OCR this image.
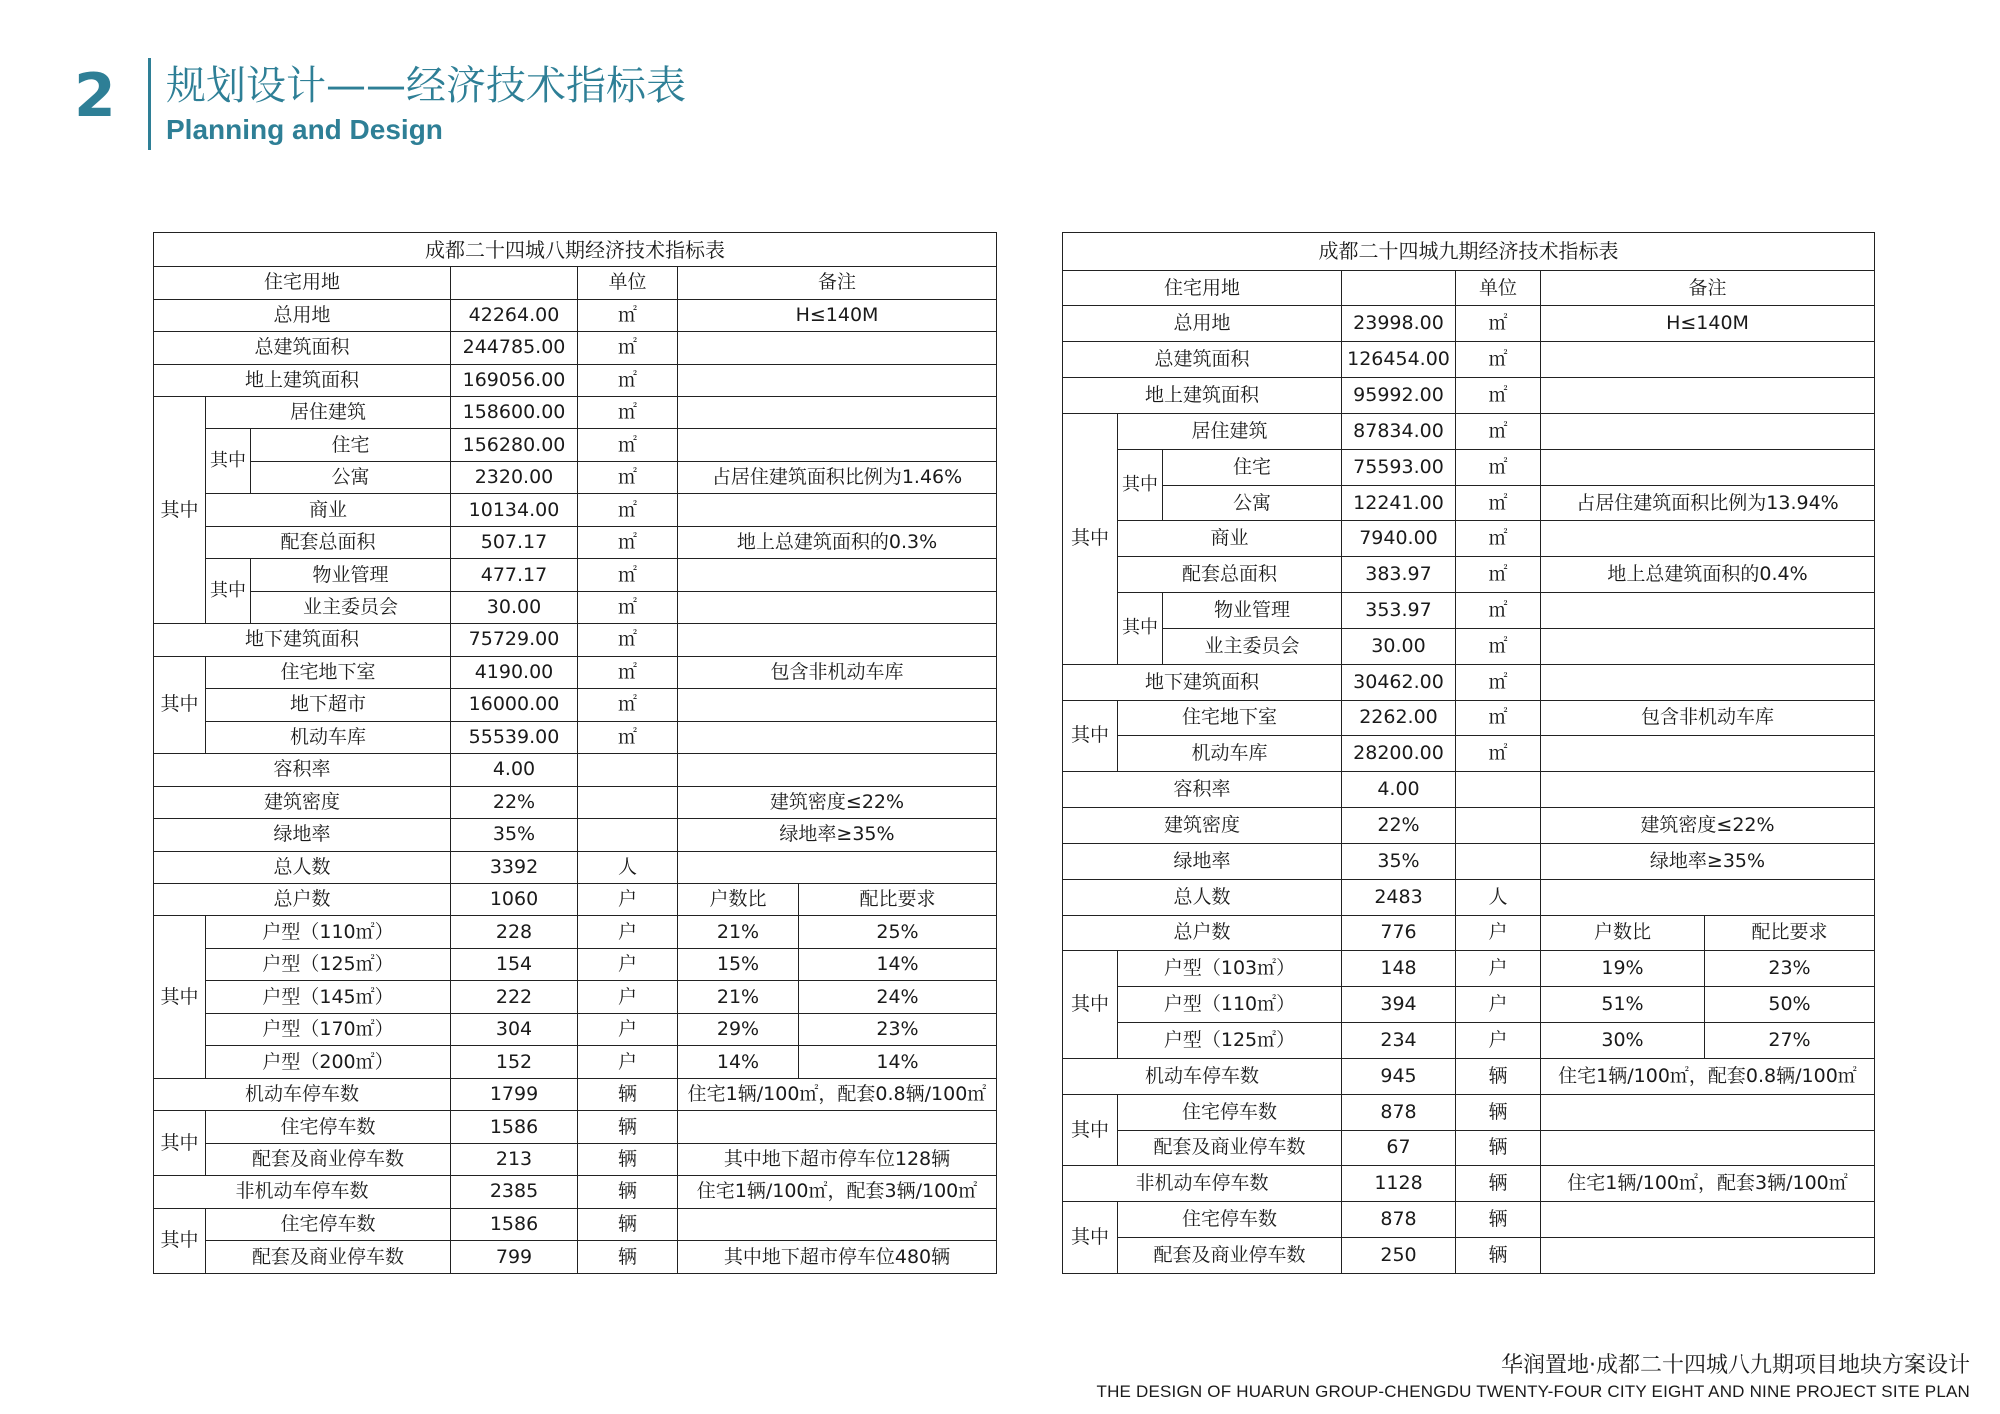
2 规划设计——经济技术指标表
Planning and Design
成都二十四城八期经济技术指标表						
住宅用地				单位	备注	
总用地			42264.00	㎡	H≤140M	
总建筑面积			244785.00	㎡		
地上建筑面积			169056.00	㎡		
其中	居住建筑		158600.00	㎡		
	其中	住宅	156280.00	㎡		
		公寓	2320.00	㎡	占居住建筑面积比例为1.46%	
	商业		10134.00	㎡		
	配套总面积		507.17	㎡	地上总建筑面积的0.3%	
	其中	物业管理	477.17	㎡		
		业主委员会	30.00	㎡		
地下建筑面积			75729.00	㎡		
其中	住宅地下室		4190.00	㎡	包含非机动车库	
	地下超市		16000.00	㎡		
	机动车库		55539.00	㎡		
容积率			4.00			
建筑密度			22%		建筑密度≤22%	
绿地率			35%		绿地率≥35%	
总人数			3392	人		
总户数			1060	户	户数比	配比要求
其中	户型（110㎡）		228	户	21%	25%
	户型（125㎡）		154	户	15%	14%
	户型（145㎡）		222	户	21%	24%
	户型（170㎡）		304	户	29%	23%
	户型（200㎡）		152	户	14%	14%
机动车停车数			1799	辆	住宅1辆/100㎡，配套0.8辆/100㎡	
其中	住宅停车数		1586	辆		
	配套及商业停车数		213	辆	其中地下超市停车位128辆	
非机动车停车数			2385	辆	住宅1辆/100㎡，配套3辆/100㎡	
其中	住宅停车数		1586	辆		
	配套及商业停车数		799	辆	其中地下超市停车位480辆	
成都二十四城九期经济技术指标表						
住宅用地				单位	备注	
总用地			23998.00	㎡	H≤140M	
总建筑面积			126454.00	㎡		
地上建筑面积			95992.00	㎡		
其中	居住建筑		87834.00	㎡		
	其中	住宅	75593.00	㎡		
		公寓	12241.00	㎡	占居住建筑面积比例为13.94%	
	商业		7940.00	㎡		
	配套总面积		383.97	㎡	地上总建筑面积的0.4%	
	其中	物业管理	353.97	㎡		
		业主委员会	30.00	㎡		
地下建筑面积			30462.00	㎡		
其中	住宅地下室		2262.00	㎡	包含非机动车库	
	机动车库		28200.00	㎡		
容积率			4.00			
建筑密度			22%		建筑密度≤22%	
绿地率			35%		绿地率≥35%	
总人数			2483	人		
总户数			776	户	户数比	配比要求
其中	户型（103㎡）		148	户	19%	23%
	户型（110㎡）		394	户	51%	50%
	户型（125㎡）		234	户	30%	27%
机动车停车数			945	辆	住宅1辆/100㎡，配套0.8辆/100㎡	
其中	住宅停车数		878	辆		
	配套及商业停车数		67	辆		
非机动车停车数			1128	辆	住宅1辆/100㎡，配套3辆/100㎡	
其中	住宅停车数		878	辆		
	配套及商业停车数		250	辆		
华润置地·成都二十四城八九期项目地块方案设计
THE DESIGN OF HUARUN GROUP-CHENGDU TWENTY-FOUR CITY EIGHT AND NINE PROJECT SITE PLAN
